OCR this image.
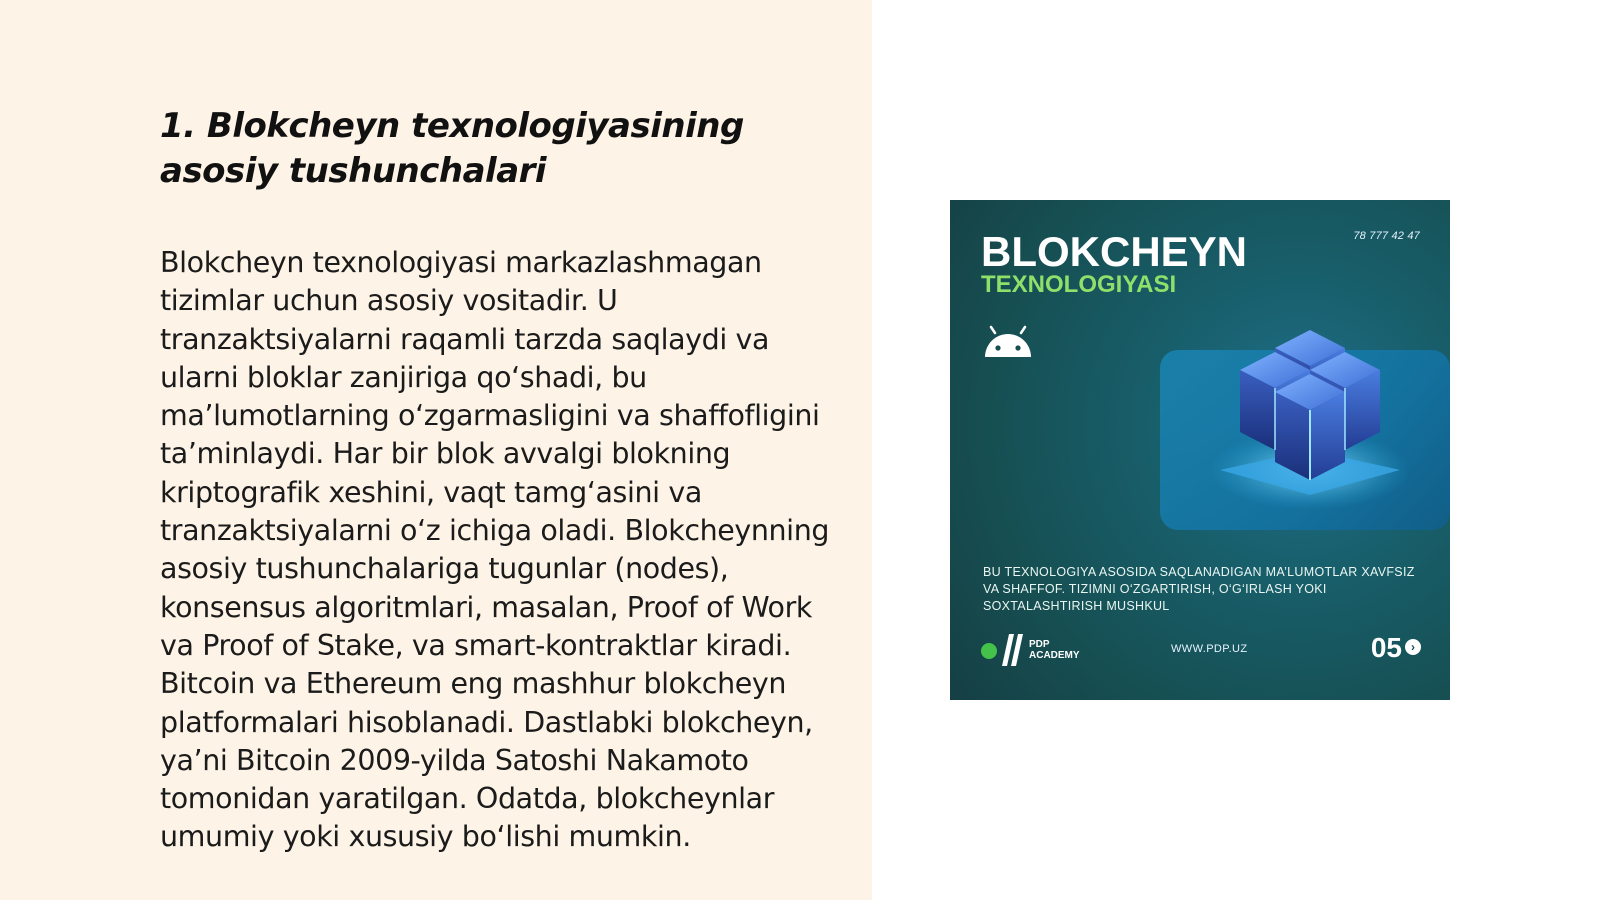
1. Blokcheyn texnologiyasining asosiy tushunchalari

Blokcheyn texnologiyasi markazlashmagan tizimlar uchun asosiy vositadir. U tranzaktsiyalarni raqamli tarzda saqlaydi va ularni bloklar zanjiriga qo‘shadi, bu ma’lumotlarning o‘zgarmasligini va shaffofligini ta’minlaydi. Har bir blok avvalgi blokning kriptografik xeshini, vaqt tamg‘asini va tranzaktsiyalarni o‘z ichiga oladi. Blokcheynning asosiy tushunchalariga tugunlar (nodes), konsensus algoritmlari, masalan, Proof of Work va Proof of Stake, va smart-kontraktlar kiradi. Bitcoin va Ethereum eng mashhur blokcheyn platformalari hisoblanadi. Dastlabki blokcheyn, ya’ni Bitcoin 2009-yilda Satoshi Nakamoto tomonidan yaratilgan. Odatda, blokcheynlar umumiy yoki xususiy bo‘lishi mumkin.

78 777 42 47
BLOKCHEYN
TEXNOLOGIYASI
BU TEXNOLOGIYA ASOSIDA SAQLANADIGAN MA’LUMOTLAR XAVFSIZ VA SHAFFOF. TIZIMNI O‘ZGARTIRISH, O‘G‘IRLASH YOKI SOXTALASHTIRISH MUSHKUL
PDP ACADEMY
WWW.PDP.UZ	05 ›
